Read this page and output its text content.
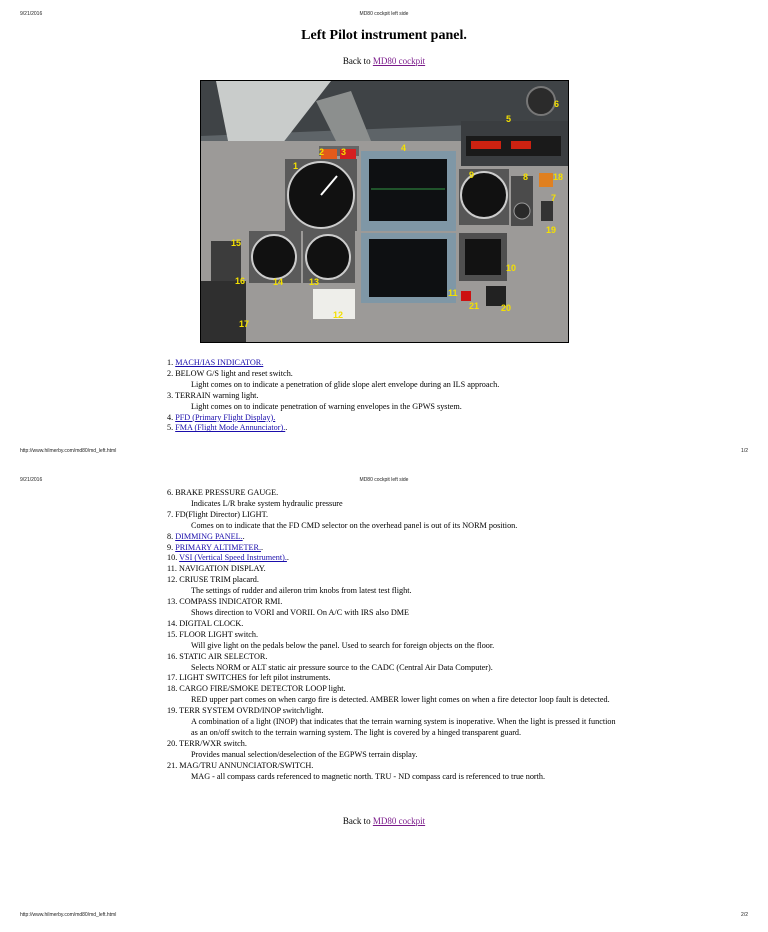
9/21/2016	MD80 cockpit left side
Left Pilot instrument panel.
Back to MD80 cockpit
1
2 3	4
5
6
7
8
9
10
11
12
13
14
15
16
17
18
19
20
21
1. MACH/IAS INDICATOR.
2. BELOW G/S light and reset switch.
Light comes on to indicate a penetration of glide slope alert envelope during an ILS approach.
3. TERRAIN warning light.
Light comes on to indicate penetration of warning envelopes in the GPWS system.
4. PFD (Primary Flight Display).
5. FMA (Flight Mode Annunciator)..
http://www.hilmerby.com/md80/md_left.html	1/2
9/21/2016	MD80 cockpit left side
6. BRAKE PRESSURE GAUGE.
Indicates L/R brake system hydraulic pressure
7. FD(Flight Director) LIGHT.
Comes on to indicate that the FD CMD selector on the overhead panel is out of its NORM position.
8. DIMMING PANEL..
9. PRIMARY ALTIMETER..
10. VSI (Vertical Speed Instrument)..
11. NAVIGATION DISPLAY.
12. CRIUSE TRIM placard.
The settings of rudder and aileron trim knobs from latest test flight.
13. COMPASS INDICATOR RMI.
Shows direction to VORI and VORII. On A/C with IRS also DME
14. DIGITAL CLOCK.
15. FLOOR LIGHT switch.
Will give light on the pedals below the panel. Used to search for foreign objects on the floor.
16. STATIC AIR SELECTOR.
Selects NORM or ALT static air pressure source to the CADC (Central Air Data Computer).
17. LIGHT SWITCHES for left pilot instruments.
18. CARGO FIRE/SMOKE DETECTOR LOOP light.
RED upper part comes on when cargo fire is detected. AMBER lower light comes on when a fire detector loop fault is detected.
19. TERR SYSTEM OVRD/INOP switch/light.
A combination of a light (INOP) that indicates that the terrain warning system is inoperative. When the light is pressed it function as an on/off switch to the terrain warning system. The light is covered by a hinged transparent guard.
20. TERR/WXR switch.
Provides manual selection/deselection of the EGPWS terrain display.
21. MAG/TRU ANNUNCIATOR/SWITCH.
MAG - all compass cards referenced to magnetic north. TRU - ND compass card is referenced to true north.
Back to MD80 cockpit
http://www.hilmerby.com/md80/md_left.html	2/2
